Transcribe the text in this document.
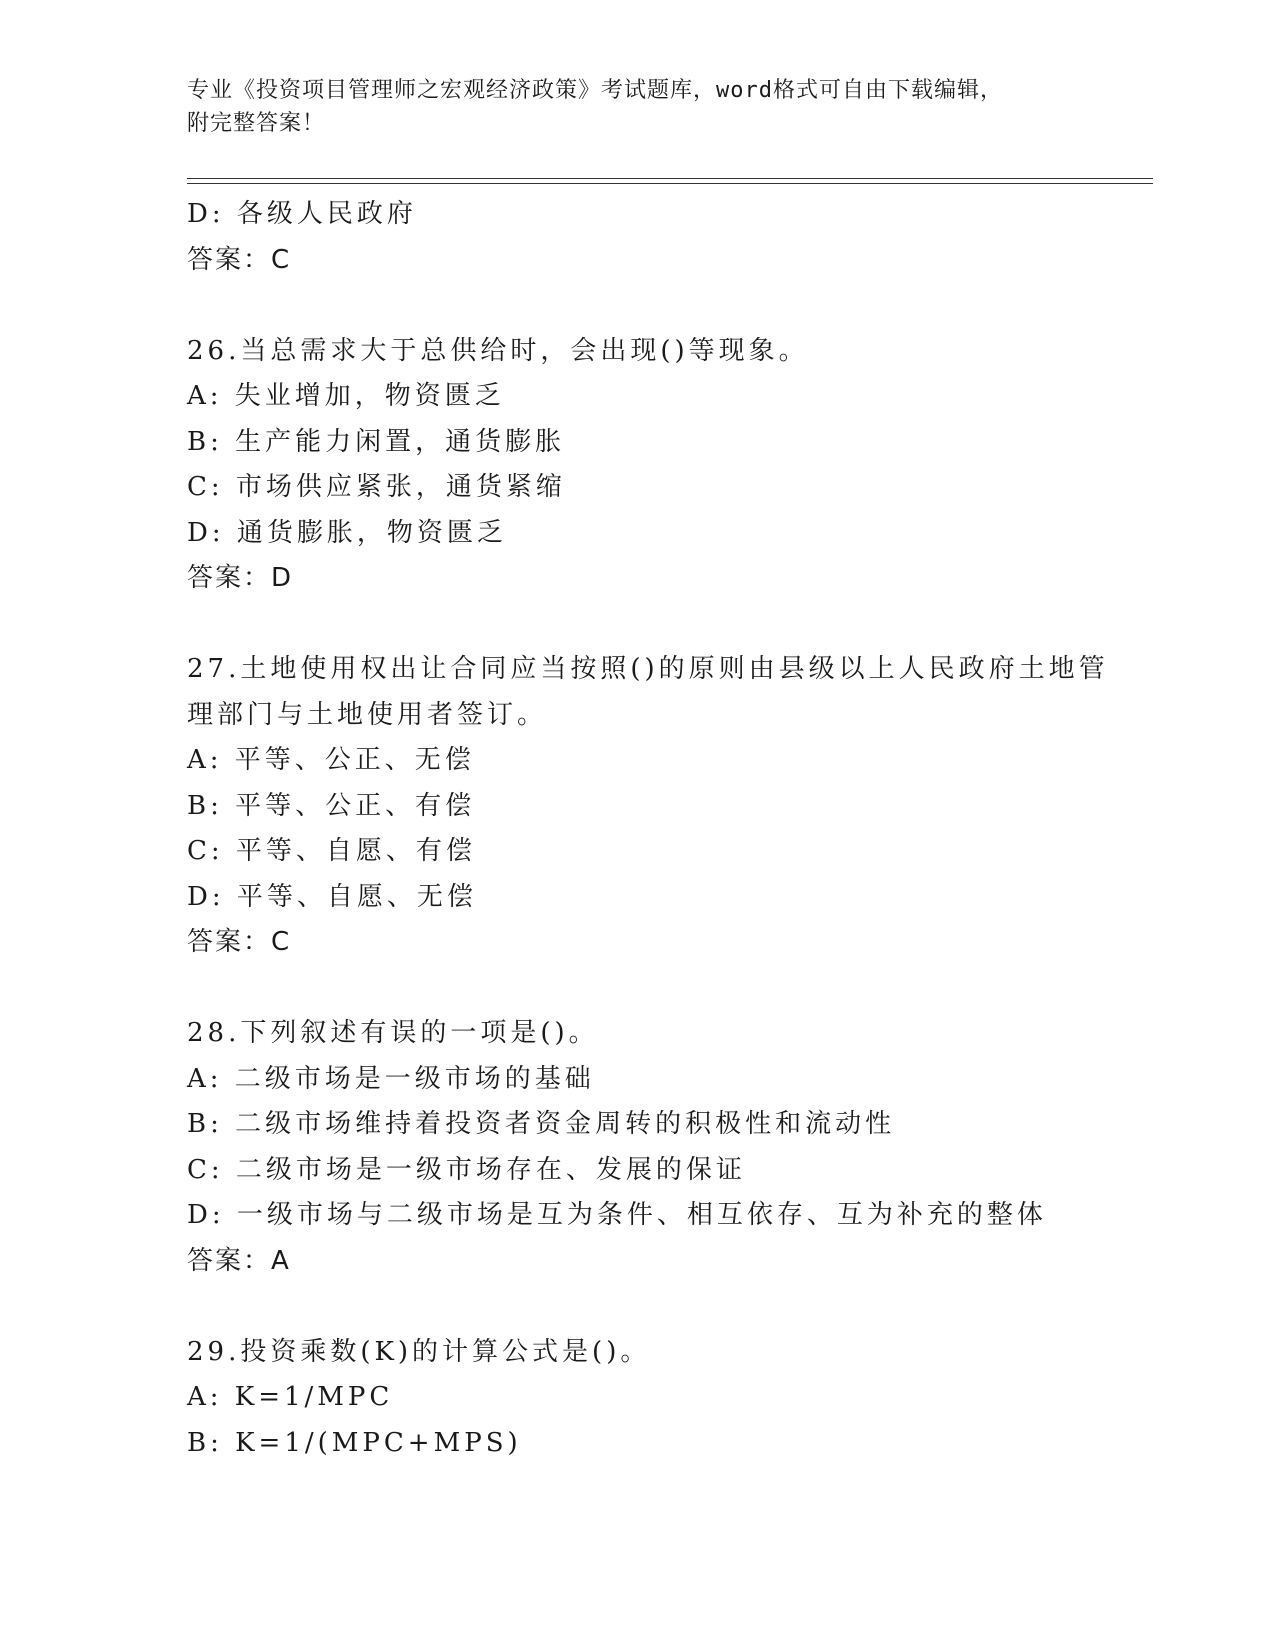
专业《投资项目管理师之宏观经济政策》考试题库，word格式可自由下载编辑，
附完整答案！
D: 各级人民政府
答案：C
26.当总需求大于总供给时，会出现()等现象。
A: 失业增加，物资匮乏
B: 生产能力闲置，通货膨胀
C: 市场供应紧张，通货紧缩
D: 通货膨胀，物资匮乏
答案：D
27.土地使用权出让合同应当按照()的原则由县级以上人民政府土地管
理部门与土地使用者签订。
A: 平等、公正、无偿
B: 平等、公正、有偿
C: 平等、自愿、有偿
D: 平等、自愿、无偿
答案：C
28.下列叙述有误的一项是()。
A: 二级市场是一级市场的基础
B: 二级市场维持着投资者资金周转的积极性和流动性
C: 二级市场是一级市场存在、发展的保证
D: 一级市场与二级市场是互为条件、相互依存、互为补充的整体
答案：A
29.投资乘数(K)的计算公式是()。
A: K=1/MPC
B: K=1/(MPC+MPS)
